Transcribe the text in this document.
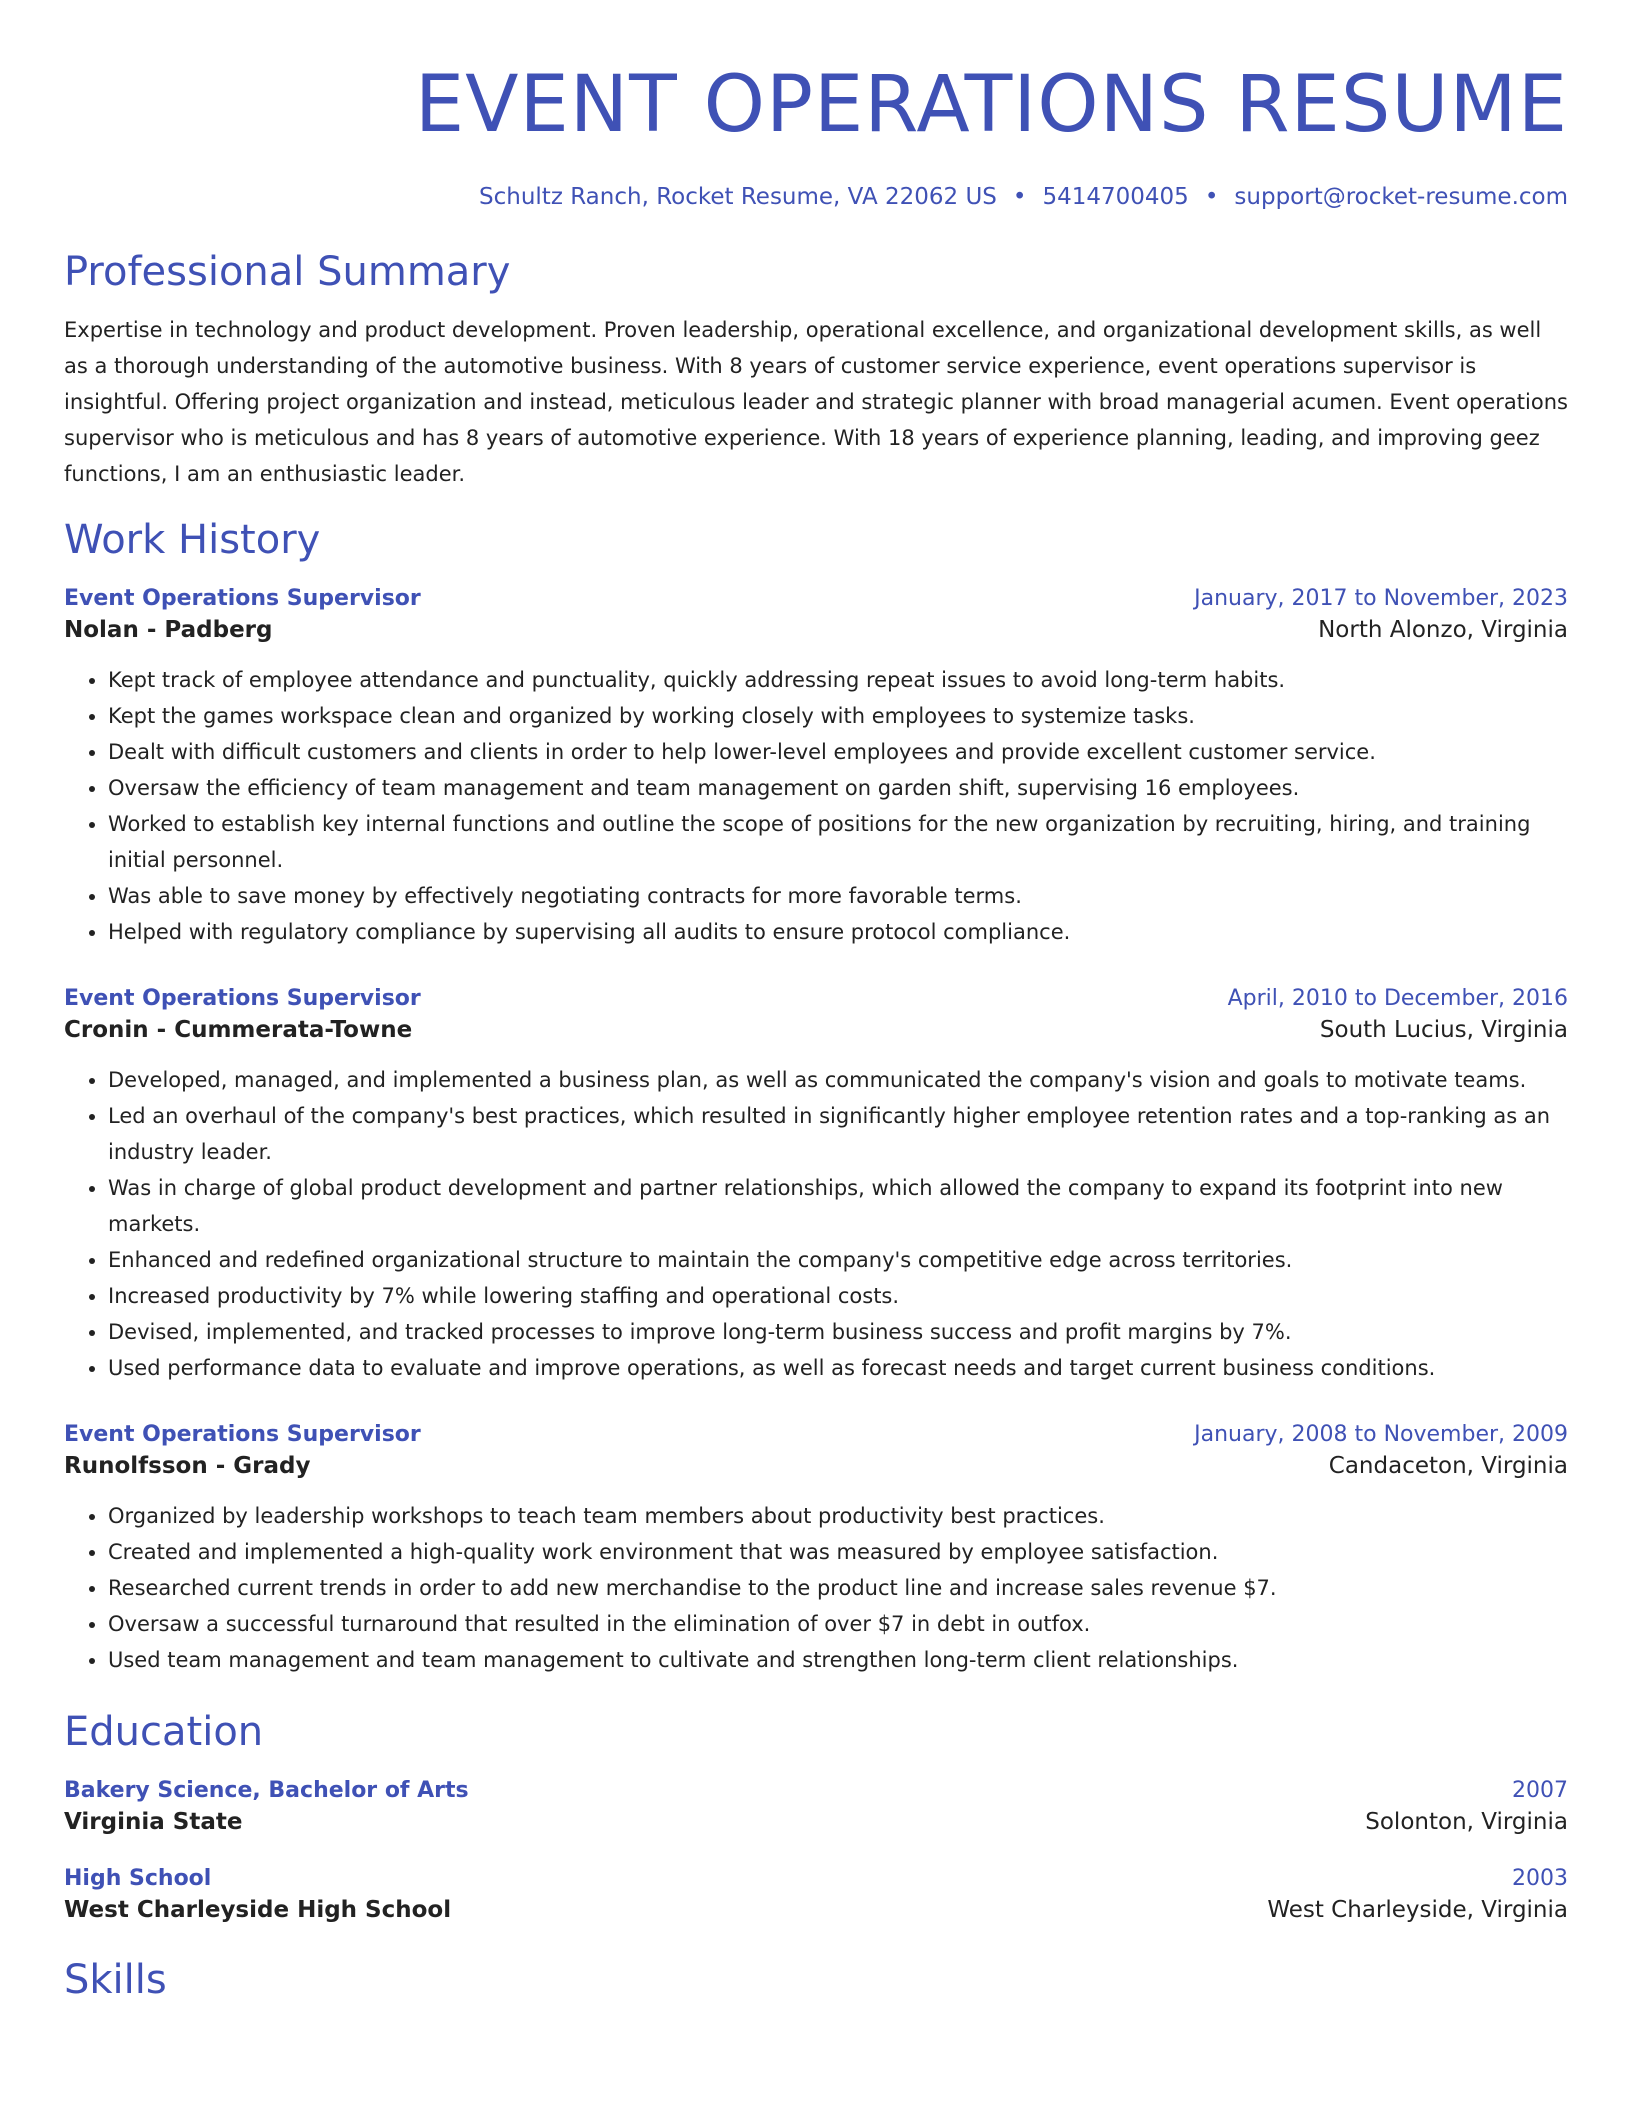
EVENT OPERATIONS RESUME
Schultz Ranch, Rocket Resume, VA 22062 US • 5414700405 • support@rocket-resume.com
Professional Summary

Expertise in technology and product development. Proven leadership, operational excellence, and organizational development skills, as well as a thorough understanding of the automotive business. With 8 years of customer service experience, event operations supervisor is insightful. Offering project organization and instead, meticulous leader and strategic planner with broad managerial acumen. Event operations supervisor who is meticulous and has 8 years of automotive experience. With 18 years of experience planning, leading, and improving geez functions, I am an enthusiastic leader.

Work History
Event Operations Supervisor	January, 2017 to November, 2023
Nolan - Padberg	North Alonzo, Virginia
• Kept track of employee attendance and punctuality, quickly addressing repeat issues to avoid long-term habits.
• Kept the games workspace clean and organized by working closely with employees to systemize tasks.
• Dealt with difficult customers and clients in order to help lower-level employees and provide excellent customer service.
• Oversaw the efficiency of team management and team management on garden shift, supervising 16 employees.
• Worked to establish key internal functions and outline the scope of positions for the new organization by recruiting, hiring, and training initial personnel.
• Was able to save money by effectively negotiating contracts for more favorable terms.
• Helped with regulatory compliance by supervising all audits to ensure protocol compliance.
Event Operations Supervisor	April, 2010 to December, 2016
Cronin - Cummerata-Towne	South Lucius, Virginia
• Developed, managed, and implemented a business plan, as well as communicated the company's vision and goals to motivate teams.
• Led an overhaul of the company's best practices, which resulted in significantly higher employee retention rates and a top-ranking as an industry leader.
• Was in charge of global product development and partner relationships, which allowed the company to expand its footprint into new markets.
• Enhanced and redefined organizational structure to maintain the company's competitive edge across territories.
• Increased productivity by 7% while lowering staffing and operational costs.
• Devised, implemented, and tracked processes to improve long-term business success and profit margins by 7%.
• Used performance data to evaluate and improve operations, as well as forecast needs and target current business conditions.
Event Operations Supervisor	January, 2008 to November, 2009
Runolfsson - Grady	Candaceton, Virginia
• Organized by leadership workshops to teach team members about productivity best practices.
• Created and implemented a high-quality work environment that was measured by employee satisfaction.
• Researched current trends in order to add new merchandise to the product line and increase sales revenue $7.
• Oversaw a successful turnaround that resulted in the elimination of over $7 in debt in outfox.
• Used team management and team management to cultivate and strengthen long-term client relationships.
Education
Bakery Science, Bachelor of Arts	2007
Virginia State	Solonton, Virginia
High School	2003
West Charleyside High School	West Charleyside, Virginia
Skills
